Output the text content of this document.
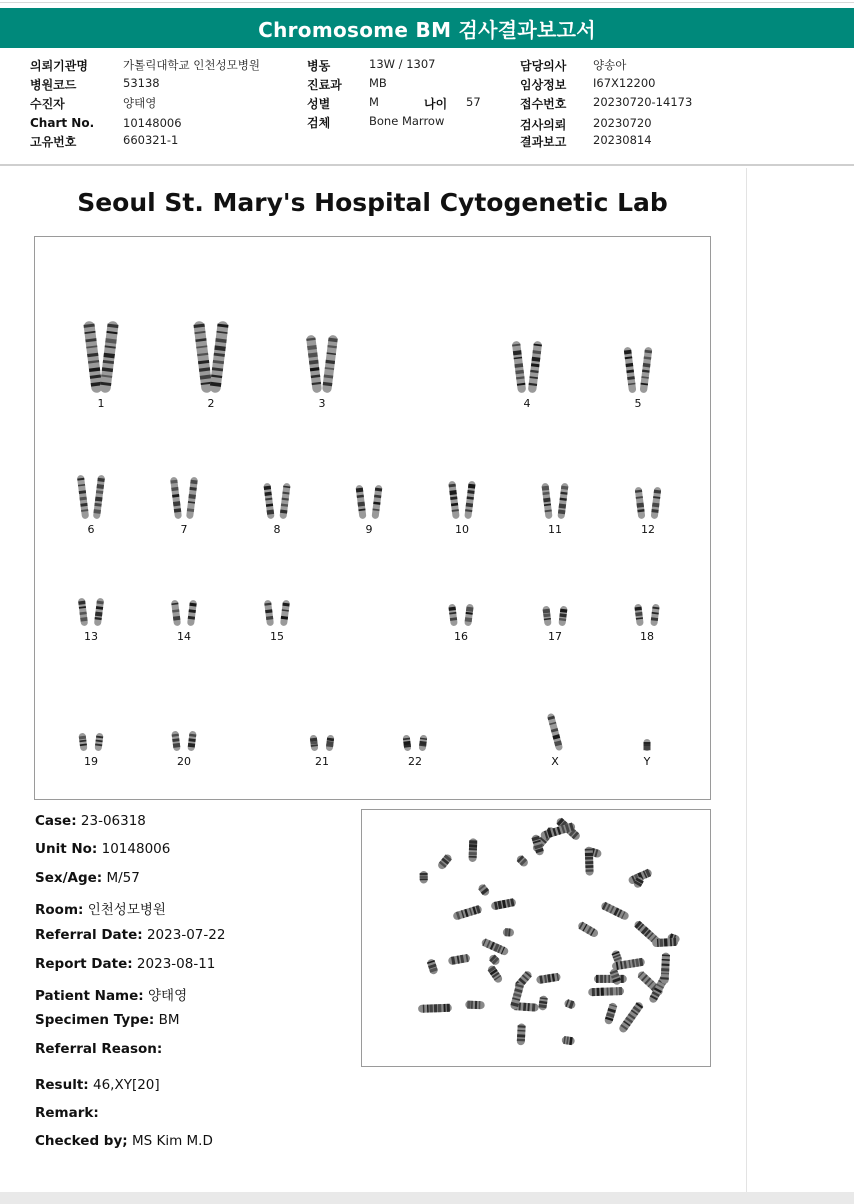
Chromosome BM 검사결과보고서
의뢰기관명	가톨릭대학교 인천성모병원
병원코드	53138
수진자	양태영
Chart No.	10148006
고유번호	660321-1
병동	13W / 1307
진료과 MB
성별	M	나이 57
검체	Bone Marrow
담당의사 양송아
임상정보 I67X12200
접수번호 20230720-14173
검사의뢰 20230720
결과보고 20230814
Seoul St. Mary's Hospital Cytogenetic Lab
1	2	3	4	5
6	7	8	9	10	11	12
13	14	15	16	17	18
19	20	21	22	X	Y
Case: 23-06318
Unit No: 10148006
Sex/Age: M/57
Room: 인천성모병원
Referral Date: 2023-07-22
Report Date: 2023-08-11
Patient Name: 양태영
Specimen Type: BM
Referral Reason:
Result: 46,XY[20]
Remark:
Checked by; MS Kim M.D
